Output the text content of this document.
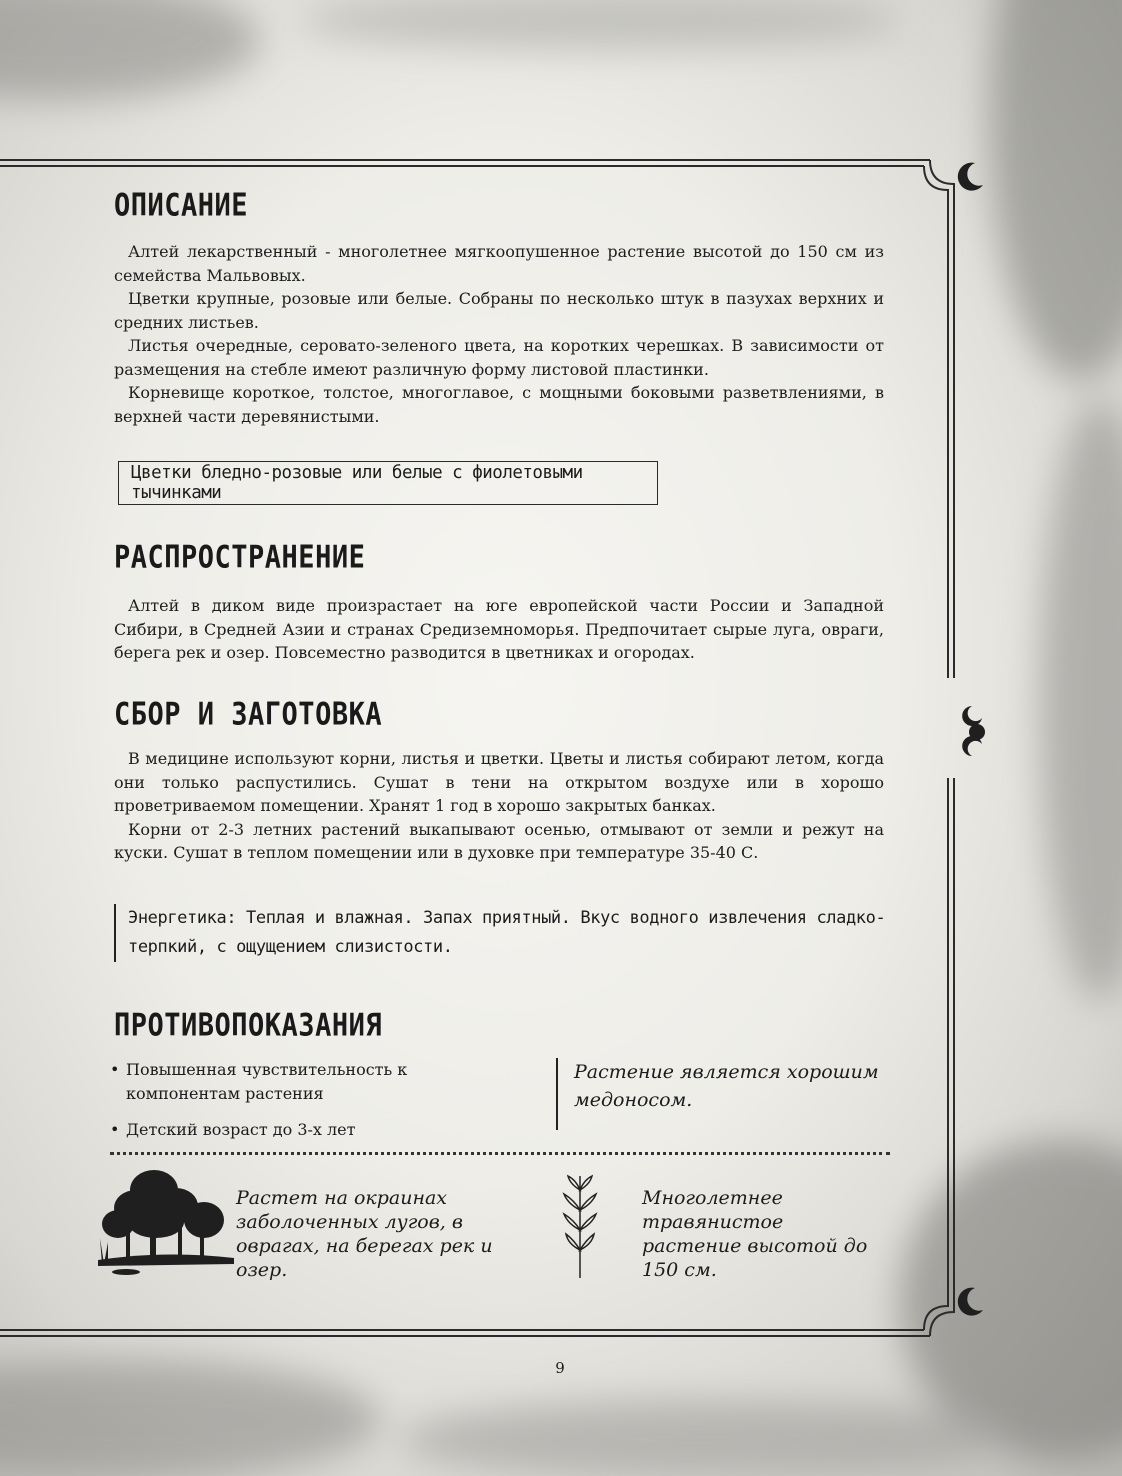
ОПИСАНИЕ

Алтей лекарственный - многолетнее мягкоопушенное растение высотой до 150 см из семейства Мальвовых.

Цветки крупные, розовые или белые. Собраны по несколько штук в пазухах верхних и средних листьев.

Листья очередные, серовато-зеленого цвета, на коротких черешках. В зависимости от размещения на стебле имеют различную форму листовой пластинки.

Корневище короткое, толстое, многоглавое, с мощными боковыми разветвлениями, в верхней части деревянистыми.

Цветки бледно-розовые или белые с фиолетовыми тычинками
РАСПРОСТРАНЕНИЕ

Алтей в диком виде произрастает на юге европейской части России и Западной Сибири, в Средней Азии и странах Средиземноморья. Предпочитает сырые луга, овраги, берега рек и озер. Повсеместно разводится в цветниках и огородах.

СБОР И ЗАГОТОВКА

В медицине используют корни, листья и цветки. Цветы и листья собирают летом, когда они только распустились. Сушат в тени на открытом воздухе или в хорошо проветриваемом помещении. Хранят 1 год в хорошо закрытых банках.

Корни от 2-3 летних растений выкапывают осенью, отмывают от земли и режут на куски. Сушат в теплом помещении или в духовке при температуре 35-40 С.

Энергетика: Теплая и влажная. Запах приятный. Вкус водного извлечения сладко-терпкий, с ощущением слизистости.
ПРОТИВОПОКАЗАНИЯ
• Повышенная чувствительность к компонентам растения
• Детский возраст до 3-х лет
Растение является хорошим медоносом.
Растет на окраинах заболоченных лугов, в оврагах, на берегах рек и озер.
Многолетнее травянистое растение высотой до 150 см.
9
